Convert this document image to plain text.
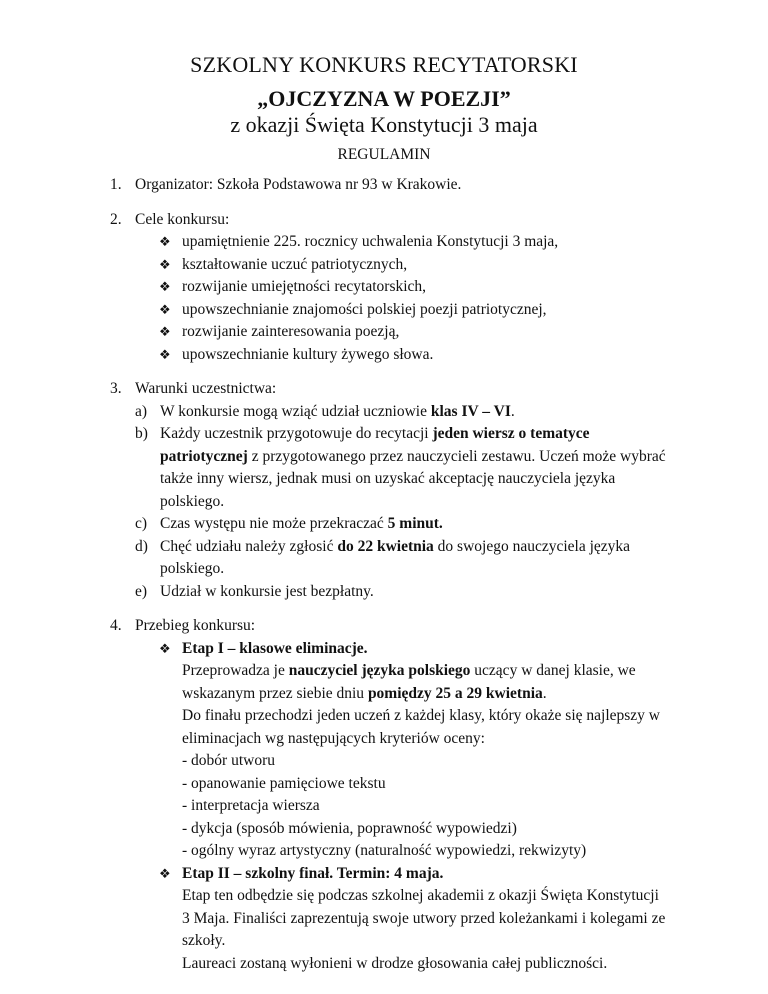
SZKOLNY KONKURS RECYTATORSKI
„OJCZYZNA W POEZJI”
z okazji Święta Konstytucji 3 maja
REGULAMIN
1. Organizator: Szkoła Podstawowa nr 93 w Krakowie.
2. Cele konkursu:
❖ upamiętnienie 225. rocznicy uchwalenia Konstytucji 3 maja,
❖ kształtowanie uczuć patriotycznych,
❖ rozwijanie umiejętności recytatorskich,
❖ upowszechnianie znajomości polskiej poezji patriotycznej,
❖ rozwijanie zainteresowania poezją,
❖ upowszechnianie kultury żywego słowa.
3. Warunki uczestnictwa:
a) W konkursie mogą wziąć udział uczniowie klas IV – VI.
b) Każdy uczestnik przygotowuje do recytacji jeden wiersz o tematyce patriotycznej z przygotowanego przez nauczycieli zestawu. Uczeń może wybrać także inny wiersz, jednak musi on uzyskać akceptację nauczyciela języka polskiego.
c) Czas występu nie może przekraczać 5 minut.
d) Chęć udziału należy zgłosić do 22 kwietnia do swojego nauczyciela języka polskiego.
e) Udział w konkursie jest bezpłatny.
4. Przebieg konkursu:
❖ Etap I – klasowe eliminacje.
Przeprowadza je nauczyciel języka polskiego uczący w danej klasie, we wskazanym przez siebie dniu pomiędzy 25 a 29 kwietnia.
Do finału przechodzi jeden uczeń z każdej klasy, który okaże się najlepszy w eliminacjach wg następujących kryteriów oceny:
- dobór utworu
- opanowanie pamięciowe tekstu
- interpretacja wiersza
- dykcja (sposób mówienia, poprawność wypowiedzi)
- ogólny wyraz artystyczny (naturalność wypowiedzi, rekwizyty)
❖ Etap II – szkolny finał. Termin: 4 maja.
Etap ten odbędzie się podczas szkolnej akademii z okazji Święta Konstytucji 3 Maja. Finaliści zaprezentują swoje utwory przed koleżankami i kolegami ze szkoły.
Laureaci zostaną wyłonieni w drodze głosowania całej publiczności.
